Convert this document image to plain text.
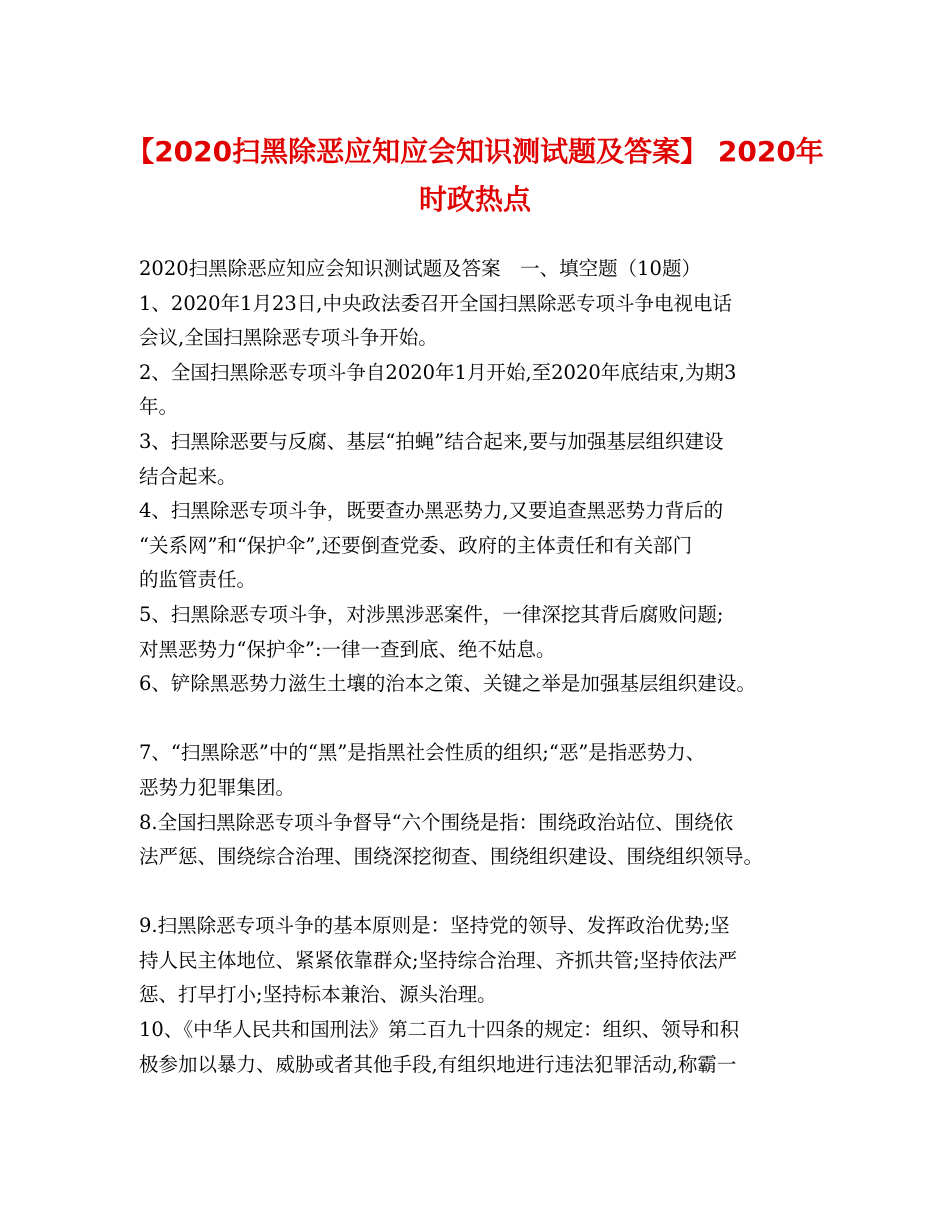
【2020扫黑除恶应知应会知识测试题及答案】 2020年
时政热点

2020扫黑除恶应知应会知识测试题及答案　一、填空题（10题）

1、2020年1月23日,中央政法委召开全国扫黑除恶专项斗争电视电话

会议,全国扫黑除恶专项斗争开始。

2、全国扫黑除恶专项斗争自2020年1月开始,至2020年底结束,为期3

年。

3、扫黑除恶要与反腐、基层“拍蝇”结合起来,要与加强基层组织建设

结合起来。

4、扫黑除恶专项斗争，既要查办黑恶势力,又要追查黑恶势力背后的

“关系网”和“保护伞”,还要倒查党委、政府的主体责任和有关部门

的监管责任。

5、扫黑除恶专项斗争，对涉黑涉恶案件，一律深挖其背后腐败问题;

对黑恶势力“保护伞”:一律一查到底、绝不姑息。

6、铲除黑恶势力滋生土壤的治本之策、关键之举是加强基层组织建设。

7、“扫黑除恶”中的“黑”是指黑社会性质的组织;“恶”是指恶势力、

恶势力犯罪集团。

8.全国扫黑除恶专项斗争督导“六个围绕是指：围绕政治站位、围绕依

法严惩、围绕综合治理、围绕深挖彻查、围绕组织建设、围绕组织领导。

9.扫黑除恶专项斗争的基本原则是：坚持党的领导、发挥政治优势;坚

持人民主体地位、紧紧依靠群众;坚持综合治理、齐抓共管;坚持依法严

惩、打早打小;坚持标本兼治、源头治理。

10、《中华人民共和国刑法》第二百九十四条的规定：组织、领导和积

极参加以暴力、威胁或者其他手段,有组织地进行违法犯罪活动,称霸一
